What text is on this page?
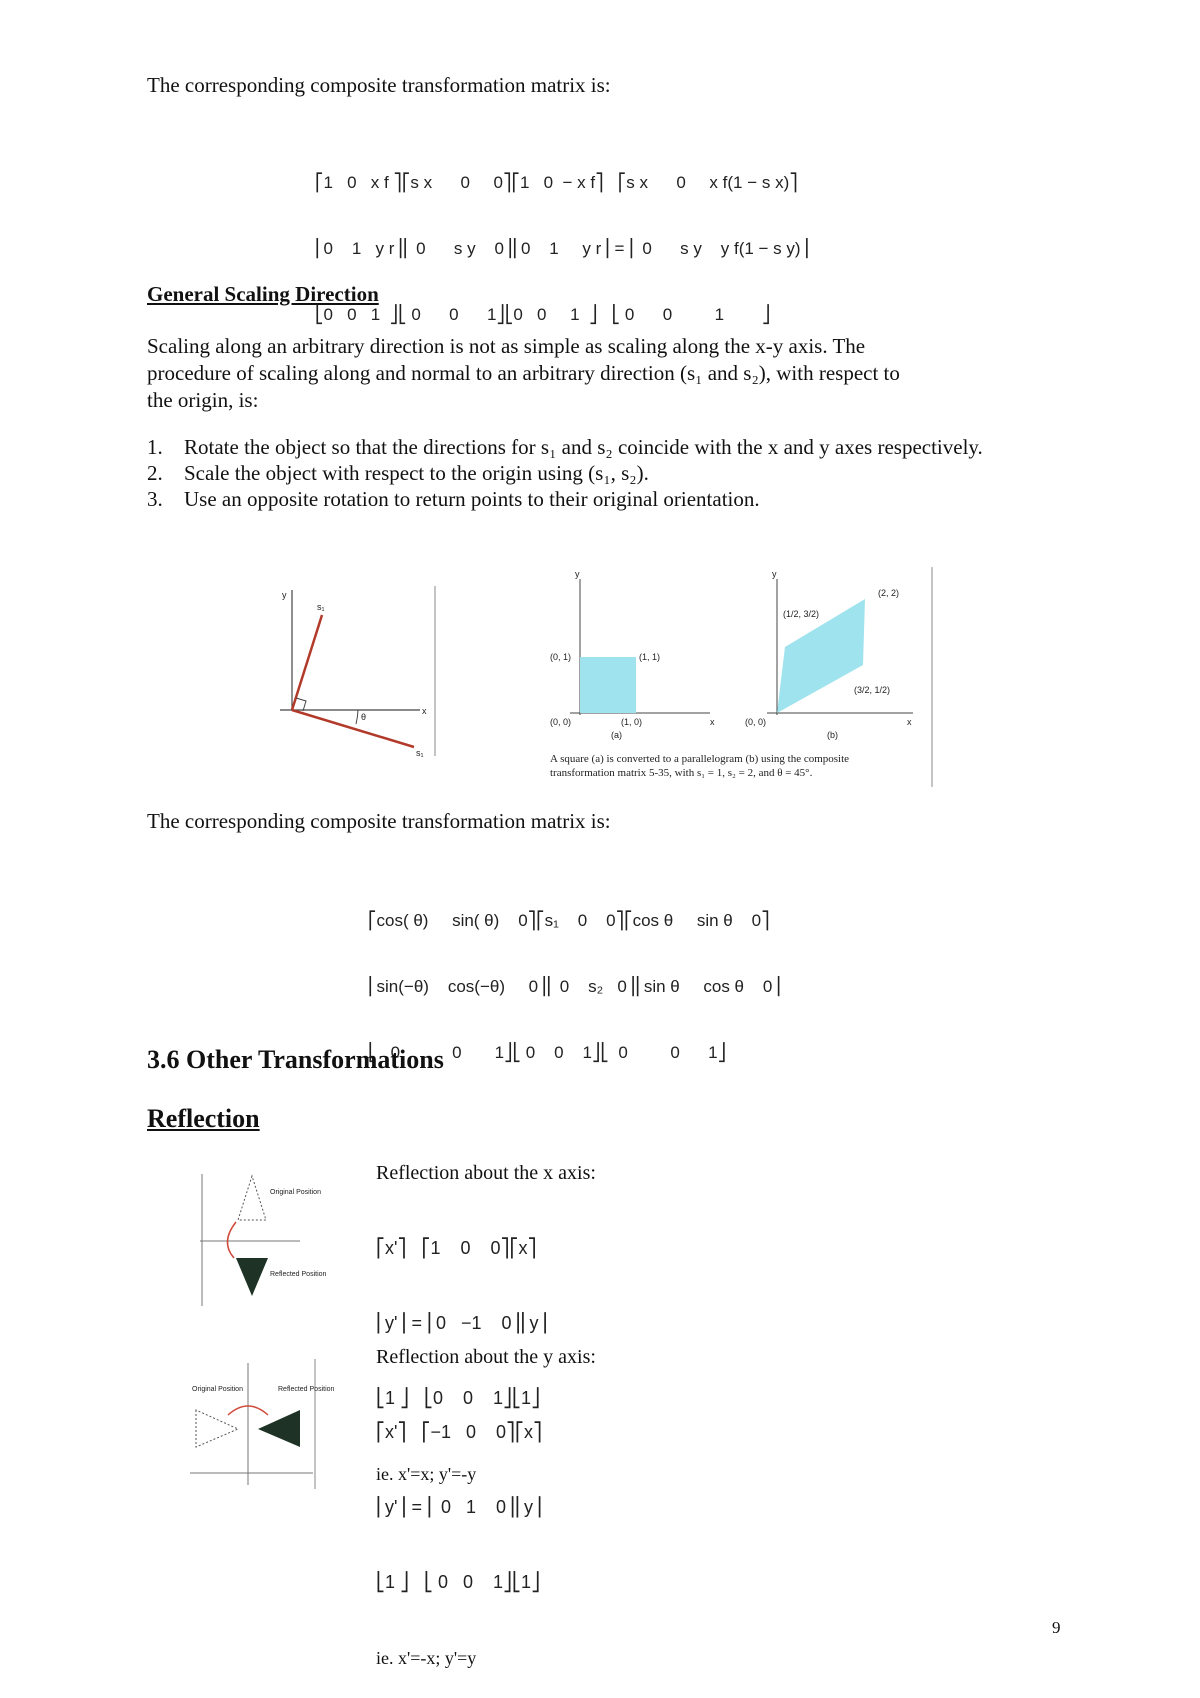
The corresponding composite transformation matrix is:

⎡1   0   x f ⎤⎡s x      0     0⎤⎡1   0  − x f⎤   ⎡s x      0     x f(1 − s x)⎤

⎢0    1   y r⎥⎢ 0      s y    0⎥⎢0    1     y r⎥ = ⎢ 0      s y    y f(1 − s y)⎥

⎣0   0   1  ⎦⎣ 0      0      1⎦⎣0   0     1  ⎦   ⎣ 0      0         1        ⎦

General Scaling Direction
Scaling along an arbitrary direction is not as simple as scaling along the x-y axis. The
procedure of scaling along and normal to an arbitrary direction (s₁ and s₂), with respect to
the origin, is:
1. Rotate the object so that the directions for s₁ and s₂ coincide with the x and y axes respectively.
2. Scale the object with respect to the origin using (s₁, s₂).
3. Use an opposite rotation to return points to their original orientation.
y
x
s₁
s₁
θ
y
x
(0, 1)	(1, 1)
(0, 0)	(1, 0)
(a)
y
x
(2, 2)
(1/2, 3/2)
(3/2, 1/2)
(0, 0)
(b)
A square (a) is converted to a parallelogram (b) using the composite
transformation matrix 5-35, with s₁ = 1, s₂ = 2, and θ = 45°.
The corresponding composite transformation matrix is:

⎡cos( θ)     sin( θ)    0⎤⎡s₁    0    0⎤⎡cos θ     sin θ    0⎤

⎢sin(−θ)    cos(−θ)     0⎥⎢ 0    s₂   0⎥⎢sin θ     cos θ    0⎥

⎣   0           0       1⎦⎣ 0    0    1⎦⎣  0         0      1⎦

3.6 Other Transformations
Reflection
Original Position
Reflected Position
Reflection about the x axis:

⎡x'⎤   ⎡1    0    0⎤⎡x⎤

⎢y'⎥ = ⎢0   −1    0⎥⎢y⎥

⎣1 ⎦   ⎣0    0    1⎦⎣1⎦

ie. x'=x; y'=-y
Original Position	Reflected Position
Reflection about the y axis:

⎡x'⎤   ⎡−1   0    0⎤⎡x⎤

⎢y'⎥ = ⎢ 0   1    0⎥⎢y⎥

⎣1 ⎦   ⎣ 0   0    1⎦⎣1⎦

ie. x'=-x; y'=y
9
